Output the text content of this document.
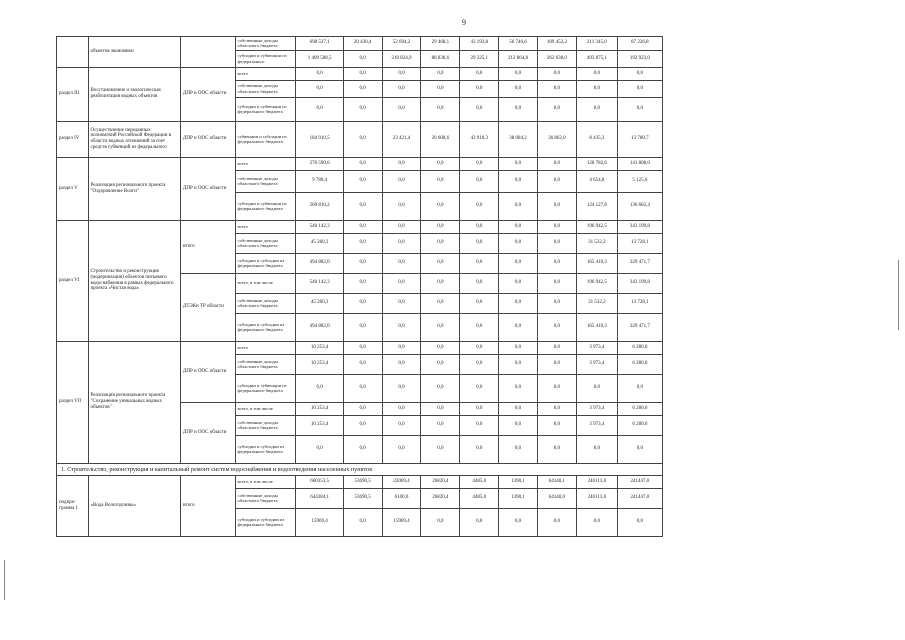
9
	объектов экономики		собственные доходы областного бюджета	698 537,1	20 430,4	52 694,2	29 468,1	43 193,8	56 746,6	109 452,2	211 345,0	87 226,8
			субсидии и субвенции из федерального	1 409 508,5	0,0	210 824,9	88 838,6	29 325,1	212 864,8	262 638,0	493 875,1	192 923,0
раздел III	Восстановление и экологическая реабилитация водных объектов	ДПР и ООС области	всего	0,0	0,0	0,0	0,0	0,0	0,0	0,0	0,0	0,0
			собственные доходы областного бюджета	0,0	0,0	0,0	0,0	0,0	0,0	0,0	0,0	0,0
			субсидии и субвенции из федерального бюджета	0,0	0,0	0,0	0,0	0,0	0,0	0,0	0,0	0,0
раздел IV	Осуществление переданных полномочий Российской Федерации в области водных отношений за счет средств субвенций из федерального	ДПР и ООС области	субвенции и субсидии из федерального бюджета	184 910,5	0,0	23 421,4	20 608,6	43 918,3	38 084,2	36 862,0	8 435,3	13 780,7
раздел V	Реализация регионального проекта "Оздоровление Волги"	ДПР и ООС области	всего	270 590,6	0,0	0,0	0,0	0,0	0,0	0,0	128 782,6	141 808,0
			собственные доходы областного бюджета	9 780,4	0,0	0,0	0,0	0,0	0,0	0,0	4 654,8	5 125,6
			субсидии и субвенции из федерального бюджета	260 810,2	0,0	0,0	0,0	0,0	0,0	0,0	124 127,8	136 682,4
раздел VI	Строительство и реконструкция (модернизация) объектов питьевого водоснабжения в рамках федерального проекта «Чистая вода»	итого	всего	540 142,3	0,0	0,0	0,0	0,0	0,0	0,0	196 942,5	343 199,8
			собственные доходы областного бюджета	45 260,3	0,0	0,0	0,0	0,0	0,0	0,0	31 532,2	13 728,1
			субсидии и субсидии из федерального бюджета	494 882,0	0,0	0,0	0,0	0,0	0,0	0,0	165 410,3	329 471,7
		ДТЭКи ТР области	всего, в том числе	540 142,3	0,0	0,0	0,0	0,0	0,0	0,0	196 942,5	343 199,8
			собственные доходы областного бюджета	45 260,3	0,0	0,0	0,0	0,0	0,0	0,0	31 532,2	13 728,1
			субсидии и субсидии из федерального бюджета	494 882,0	0,0	0,0	0,0	0,0	0,0	0,0	165 410,3	329 471,7
раздел VII	Реализация регионального проекта "Сохранение уникальных водных объектов"	ДПР и ООС области	всего	10 253,4	0,0	0,0	0,0	0,0	0,0	0,0	3 973,4	6 280,0
			собственные доходы областного бюджета	10 253,4	0,0	0,0	0,0	0,0	0,0	0,0	3 973,4	6 280,0
			субсидии и субвенции из федерального бюджета	0,0	0,0	0,0	0,0	0,0	0,0	0,0	0,0	0,0
		ДПР и ООС области	всего, в том числе	10 253,4	0,0	0,0	0,0	0,0	0,0	0,0	3 973,4	6 280,0
			собственные доходы областного бюджета	10 253,4	0,0	0,0	0,0	0,0	0,0	0,0	3 973,4	6 280,0
			субсидии и субсидии из федерального бюджета	0,0	0,0	0,0	0,0	0,0	0,0	0,0	0,0	0,0
1. Строительство, реконструкция и капитальный ремонт систем водоснабжения и водоотведения населенных пунктов												
подпро-грамма 1	«Вода Вологодчины»	итого	всего, в том числе	660353,5	53690,5	22069,4	26820,4	4485,0	1390,1	64340,1	246113,0	241447,0
			собственные доходы областного бюджета	644384,1	53690,5	6100,0	26820,4	4485,0	1390,1	64340,0	246113,0	241447,0
			субсидии и субсидии из федерального бюджета	15969,4	0,0	15969,4	0,0	0,0	0,0	0,0	0,0	0,0
